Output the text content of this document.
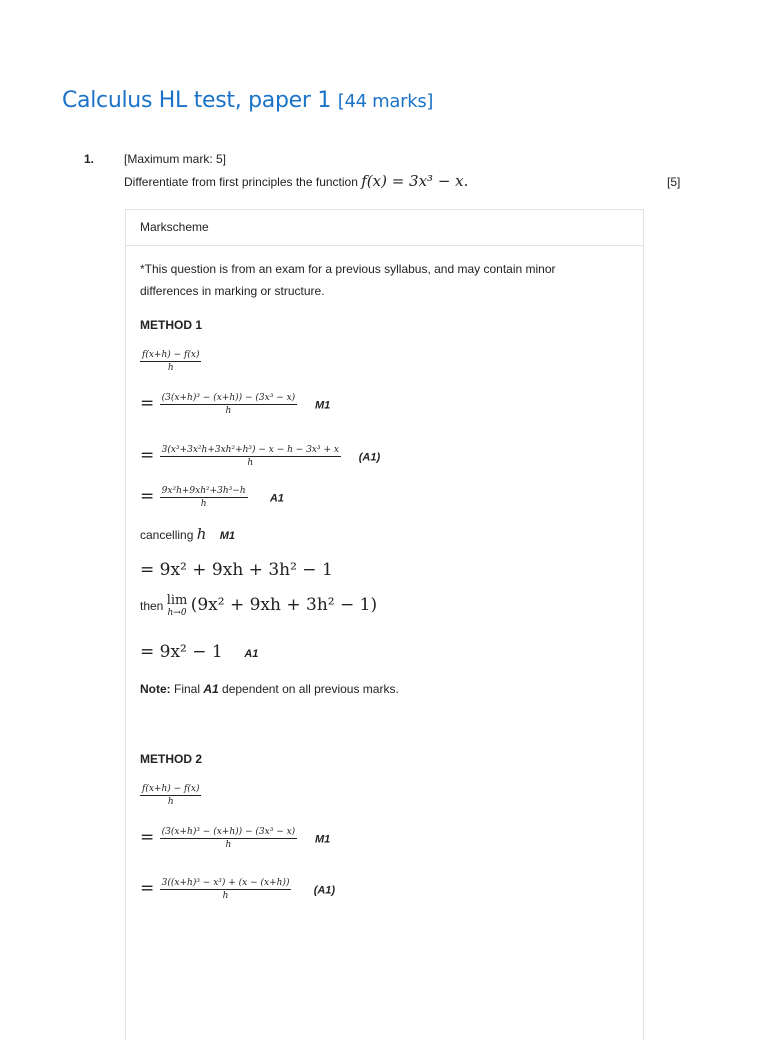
Calculus HL test, paper 1 [44 marks]
1. [Maximum mark: 5]
Differentiate from first principles the function f(x) = 3x³ − x.	[5]
Markscheme
*This question is from an exam for a previous syllabus, and may contain minor
differences in marking or structure.
METHOD 1
$\frac{f(x+h) - f(x)}{h}$
= $\frac{\text{(3(x+h)³ − (x+h)) − (3x³ − x)}}{h} M1$
= $\frac{\text{3(x³+3x²h+3xh²+h³) − x − h − 3x³ + x}}{h} (A1)$
= $\frac{\text{9x²h+9xh²+3h³−h}}{h} A1$
cancelling h M1
= 9x² + 9xh + 3h² − 1
then lim
h→0 (9x² + 9xh + 3h² − 1)
= 9x² − 1 A1
Note: Final A1 dependent on all previous marks.
METHOD 2
$\frac{f(x+h) - f(x)}{h}$
= $\frac{\text{(3(x+h)³ − (x+h)) − (3x³ − x)}}{h} M1$
= $\frac{\text{3((x+h)³ − x³) + (x − (x+h))}}{h} (A1)$
